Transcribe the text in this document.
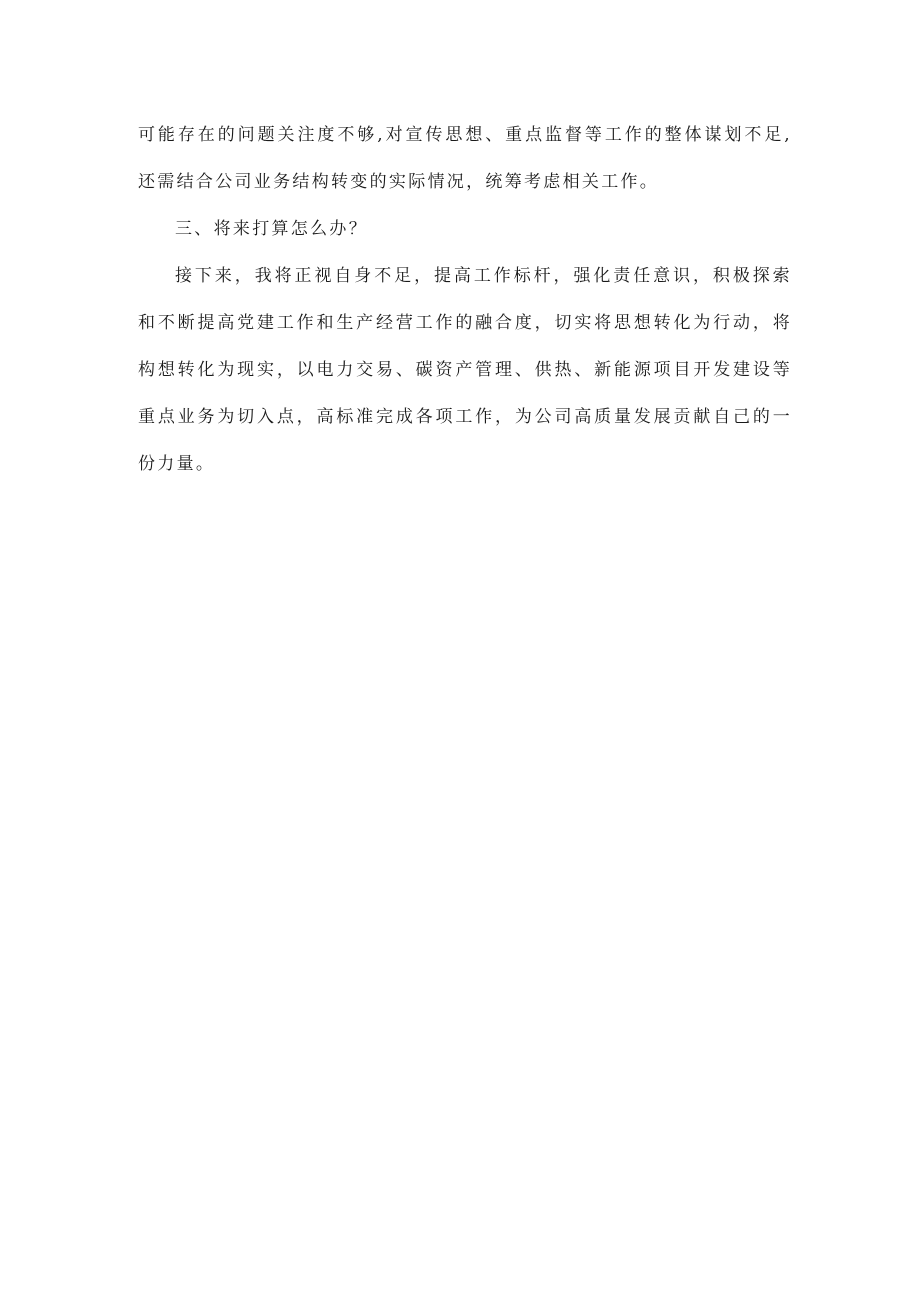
可能存在的问题关注度不够,对宣传思想、重点监督等工作的整体谋划不足,
还需结合公司业务结构转变的实际情况，统筹考虑相关工作。

三、将来打算怎么办？

接下来，我将正视自身不足，提高工作标杆，强化责任意识，积极探索
和不断提高党建工作和生产经营工作的融合度，切实将思想转化为行动，将
构想转化为现实，以电力交易、碳资产管理、供热、新能源项目开发建设等
重点业务为切入点，高标准完成各项工作，为公司高质量发展贡献自己的一
份力量。
